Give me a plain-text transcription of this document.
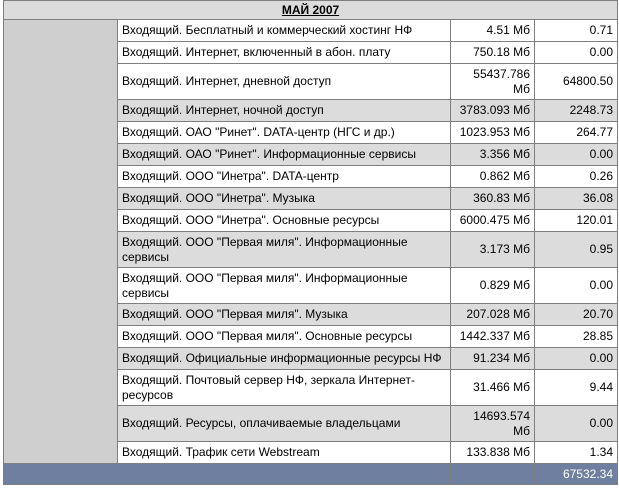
МАЙ 2007			

	Входящий. Бесплатный и коммерческий хостинг НФ	4.51 Мб	0.71
	Входящий. Интернет, включенный в абон. плату	750.18 Мб	0.00
	Входящий. Интернет, дневной доступ	55437.786 Мб	64800.50
	Входящий. Интернет, ночной доступ	3783.093 Мб	2248.73
	Входящий. ОАО "Ринет". DATA-центр (НГС и др.)	1023.953 Мб	264.77
	Входящий. ОАО "Ринет". Информационные сервисы	3.356 Мб	0.00
	Входящий. ООО "Инетра". DATA-центр	0.862 Мб	0.26
	Входящий. ООО "Инетра". Музыка	360.83 Мб	36.08
	Входящий. ООО "Инетра". Основные ресурсы	6000.475 Мб	120.01
	Входящий. ООО "Первая миля". Информационные сервисы	3.173 Мб	0.95
	Входящий. ООО "Первая миля". Информационные сервисы	0.829 Мб	0.00
	Входящий. ООО "Первая миля". Музыка	207.028 Мб	20.70
	Входящий. ООО "Первая миля". Основные ресурсы	1442.337 Мб	28.85
	Входящий. Официальные информационные ресурсы НФ	91.234 Мб	0.00
	Входящий. Почтовый сервер НФ, зеркала Интернет-ресурсов	31.466 Мб	9.44
	Входящий. Ресурсы, оплачиваемые владельцами	14693.574 Мб	0.00
	Входящий. Трафик сети Webstream	133.838 Мб	1.34
			67532.34
